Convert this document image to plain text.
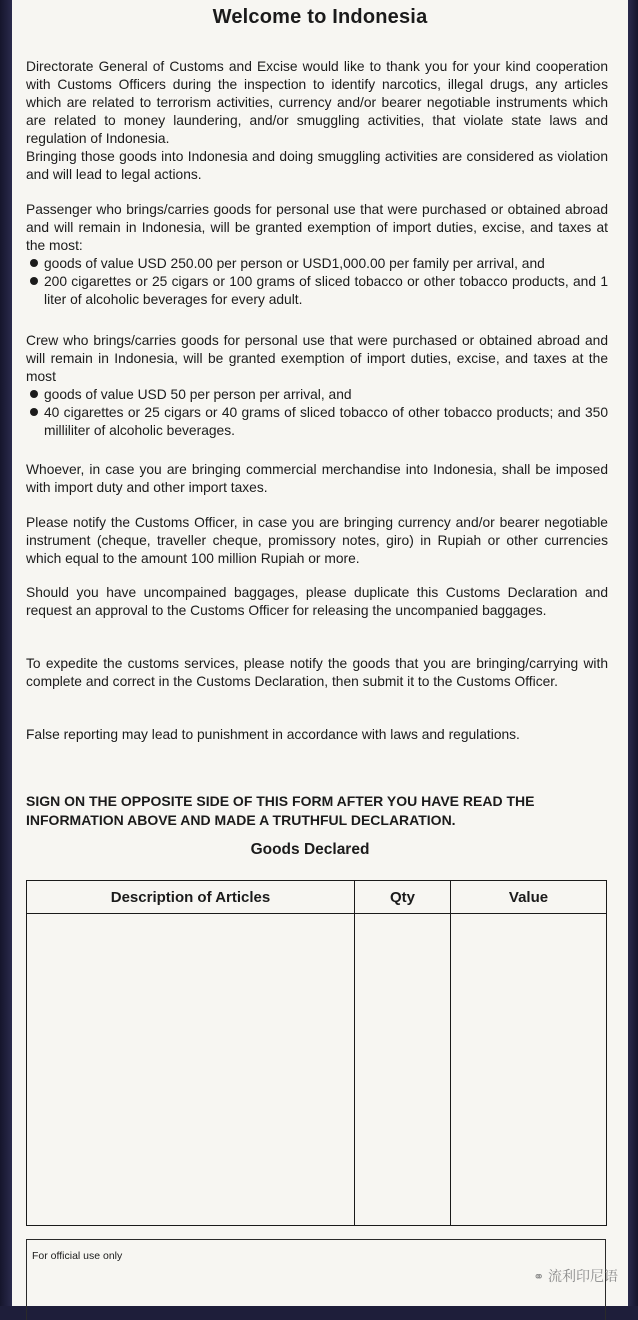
Welcome to Indonesia

Directorate General of Customs and Excise would like to thank you for your kind cooperation with Customs Officers during the inspection to identify narcotics, illegal drugs, any articles which are related to terrorism activities, currency and/or bearer negotiable instruments which are related to money laundering, and/or smuggling activities, that violate state laws and regulation of Indonesia.

Bringing those goods into Indonesia and doing smuggling activities are considered as violation and will lead to legal actions.

Passenger who brings/carries goods for personal use that were purchased or obtained abroad and will remain in Indonesia, will be granted exemption of import duties, excise, and taxes at the most:

goods of value USD 250.00 per person or USD1,000.00 per family per arrival, and

200 cigarettes or 25 cigars or 100 grams of sliced tobacco or other tobacco products, and 1 liter of alcoholic beverages for every adult.

Crew who brings/carries goods for personal use that were purchased or obtained abroad and will remain in Indonesia, will be granted exemption of import duties, excise, and taxes at the most

goods of value USD 50 per person per arrival, and

40 cigarettes or 25 cigars or 40 grams of sliced tobacco of other tobacco products; and 350 milliliter of alcoholic beverages.

Whoever, in case you are bringing commercial merchandise into Indonesia, shall be imposed with import duty and other import taxes.

Please notify the Customs Officer, in case you are bringing currency and/or bearer negotiable instrument (cheque, traveller cheque, promissory notes, giro) in Rupiah or other currencies which equal to the amount 100 million Rupiah or more.

Should you have uncompained baggages, please duplicate this Customs Declaration and request an approval to the Customs Officer for releasing the uncompanied baggages.

To expedite the customs services, please notify the goods that you are bringing/carrying with complete and correct in the Customs Declaration, then submit it to the Customs Officer.

False reporting may lead to punishment in accordance with laws and regulations.

SIGN ON THE OPPOSITE SIDE OF THIS FORM AFTER YOU HAVE READ THE INFORMATION ABOVE AND MADE A TRUTHFUL DECLARATION.

Goods Declared
Description of Articles	Qty	Value

For official use only
⚭ 流利印尼语
